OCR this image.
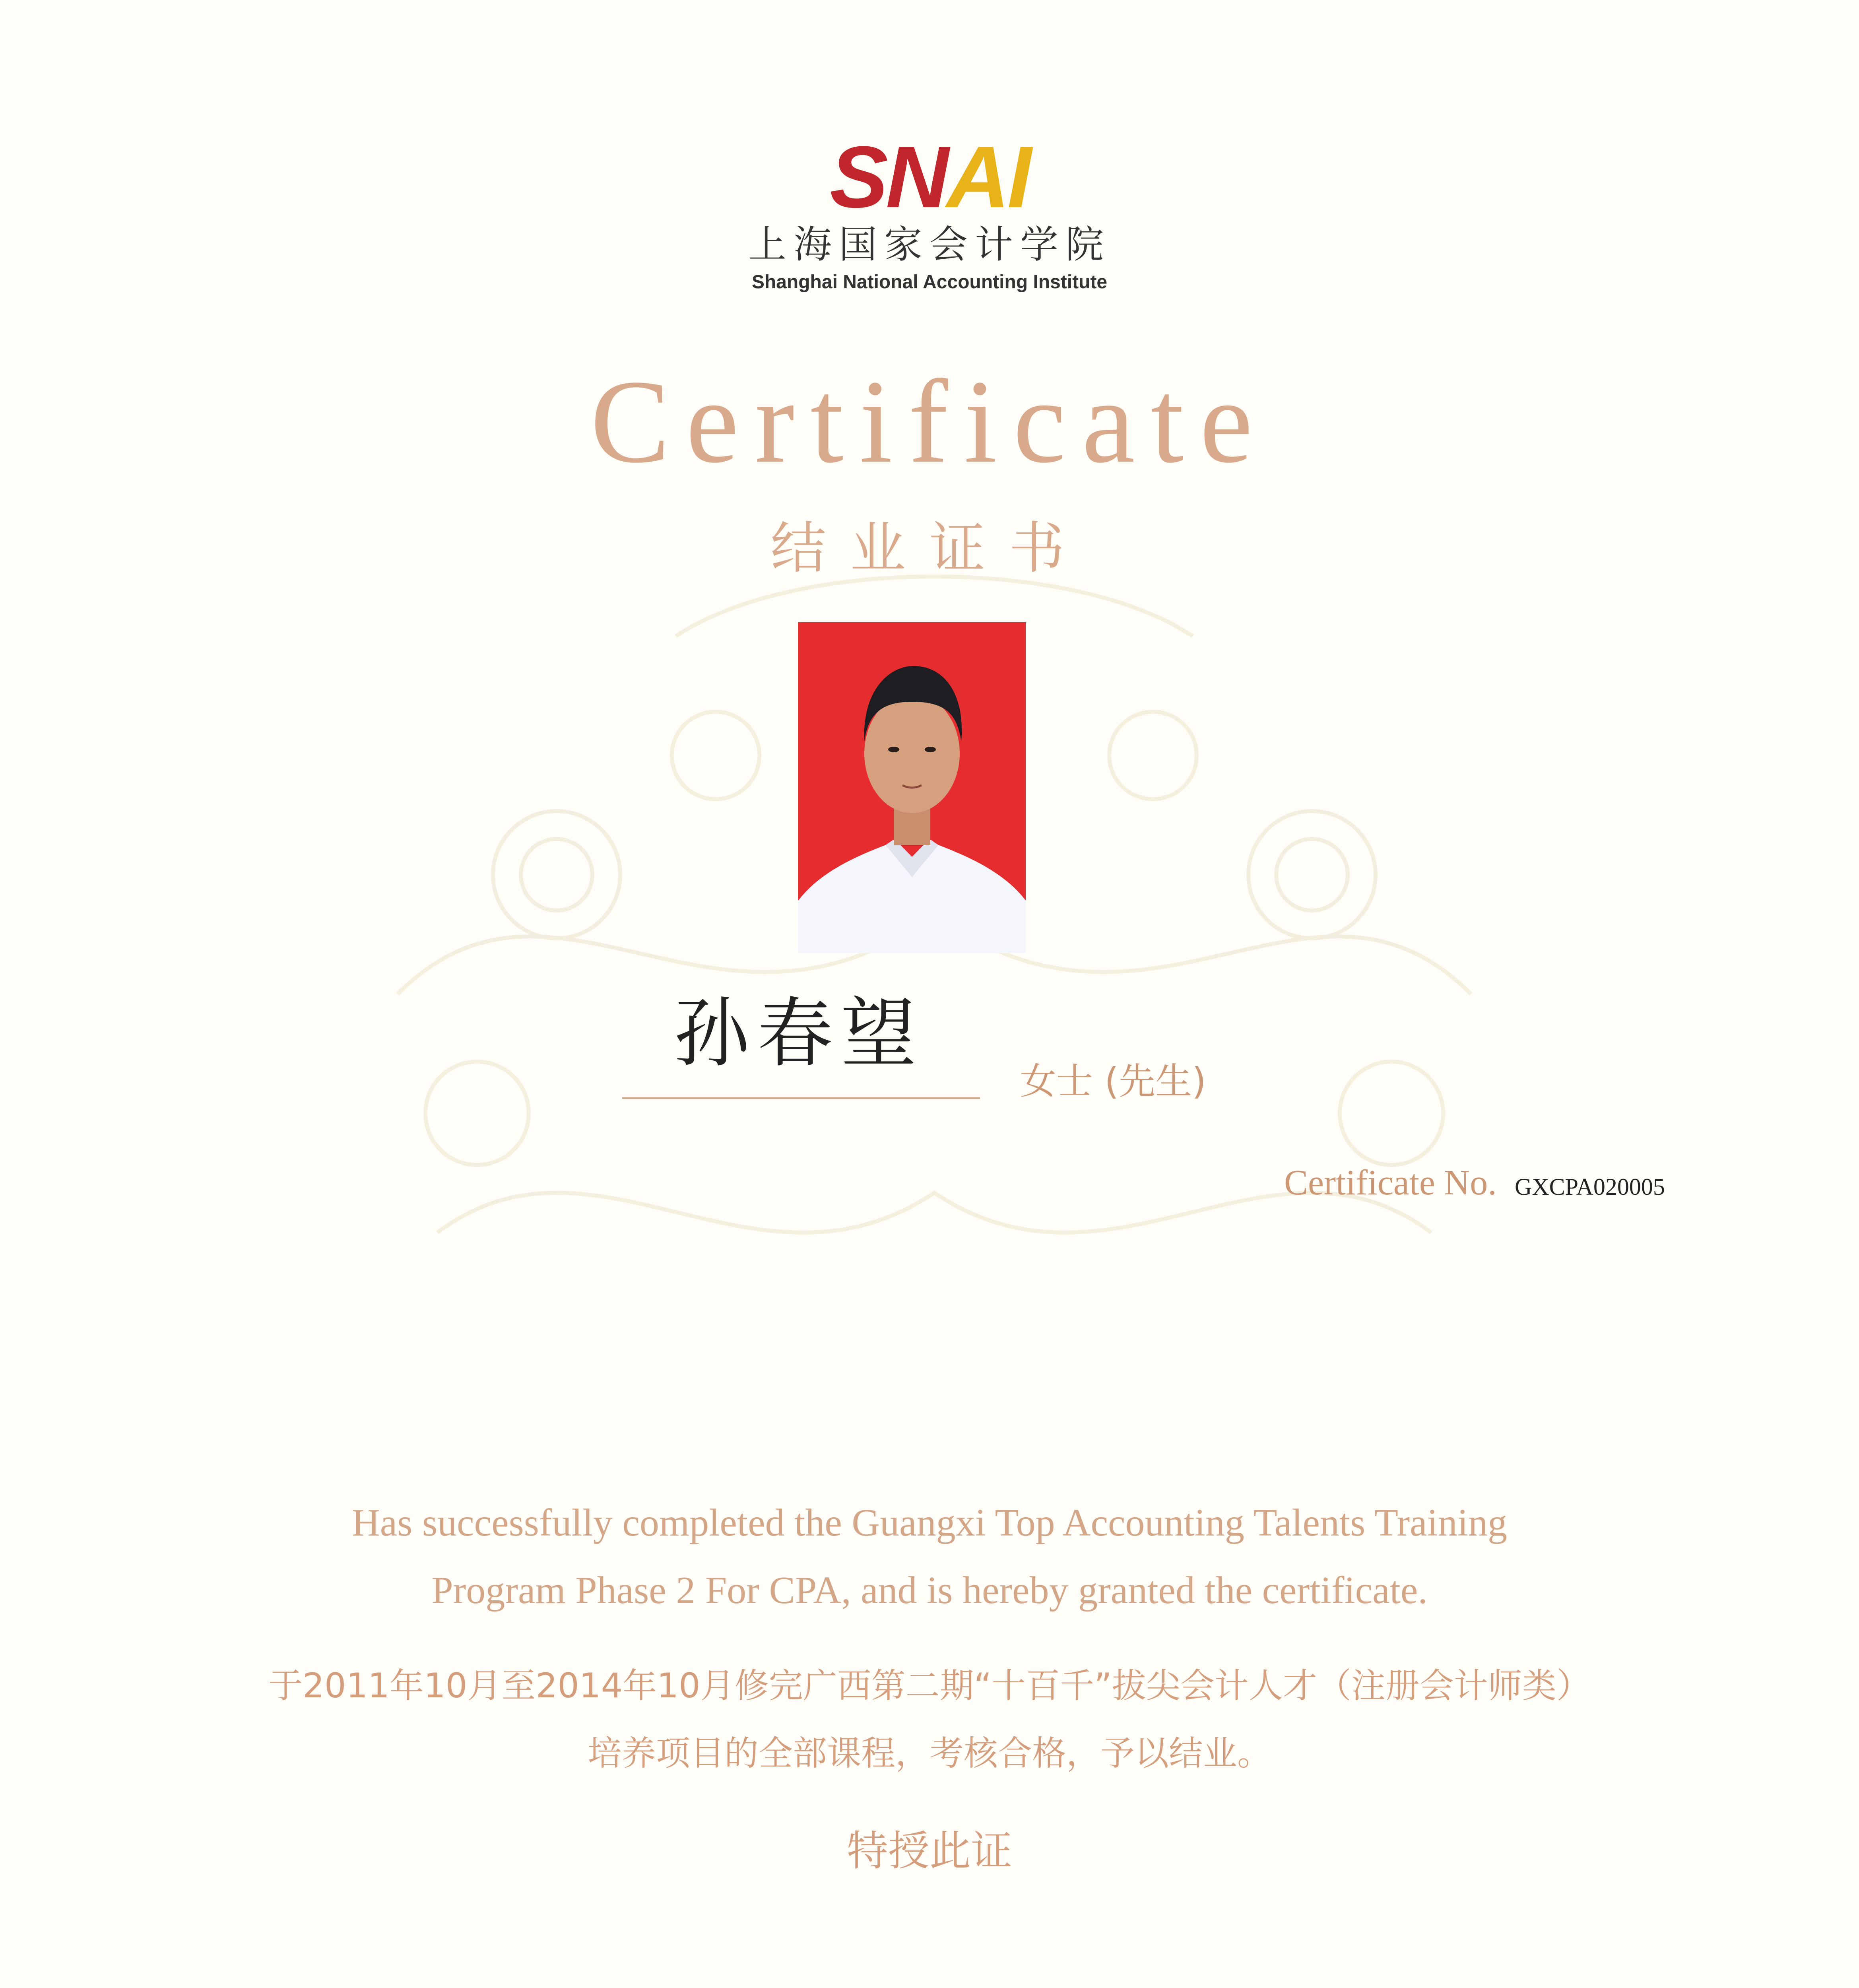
SNAI
上海国家会计学院
Shanghai National Accounting Institute
Certificate
结业证书
孙春望
女士 (先生)
Certificate No. GXCPA020005
Has successfully completed the Guangxi Top Accounting Talents Training
Program Phase 2 For CPA, and is hereby granted the certificate.
于2011年10月至2014年10月修完广西第二期“十百千”拔尖会计人才（注册会计师类）
培养项目的全部课程，考核合格，予以结业。
特授此证
